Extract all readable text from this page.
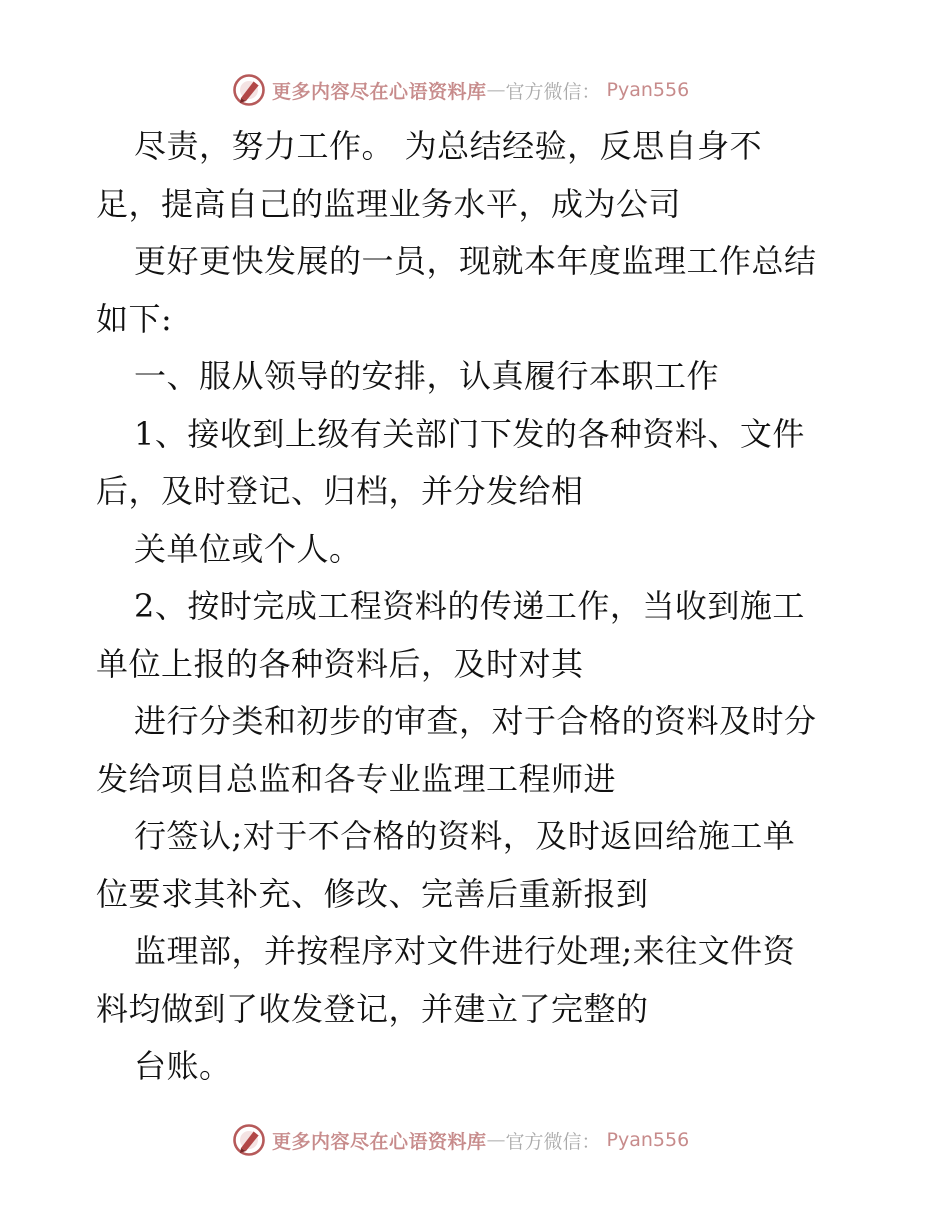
更多内容尽在心语资料库 — 官方微信 ： Pyan556
尽责，努力工作。 为总结经验，反思自身不
足，提高自己的监理业务水平，成为公司
更好更快发展的一员，现就本年度监理工作总结
如下:
一、服从领导的安排，认真履行本职工作
1、接收到上级有关部门下发的各种资料、文件
后，及时登记、归档，并分发给相
关单位或个人。
2、按时完成工程资料的传递工作，当收到施工
单位上报的各种资料后，及时对其
进行分类和初步的审查，对于合格的资料及时分
发给项目总监和各专业监理工程师进
行签认;对于不合格的资料，及时返回给施工单
位要求其补充、修改、完善后重新报到
监理部，并按程序对文件进行处理;来往文件资
料均做到了收发登记，并建立了完整的
台账。
更多内容尽在心语资料库 — 官方微信 ： Pyan556
